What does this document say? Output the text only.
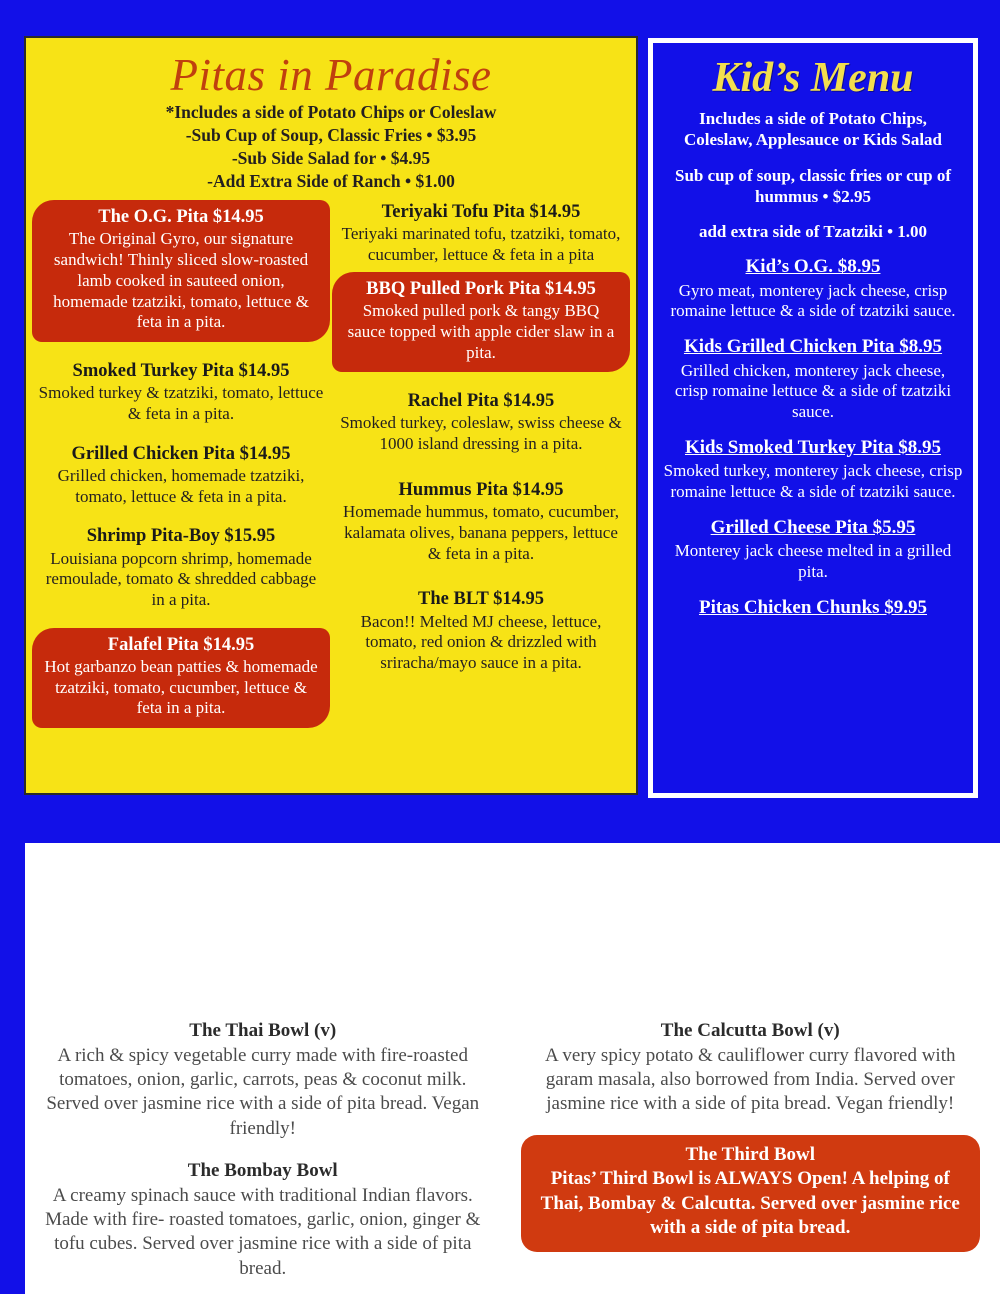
Pitas in Paradise
*Includes a side of Potato Chips or Coleslaw
-Sub Cup of Soup, Classic Fries • $3.95
-Sub Side Salad for • $4.95
-Add Extra Side of Ranch • $1.00
The O.G. Pita $14.95
The Original Gyro, our signature sandwich! Thinly sliced slow-roasted lamb cooked in sauteed onion, homemade tzatziki, tomato, lettuce & feta in a pita.
Smoked Turkey Pita $14.95
Smoked turkey & tzatziki, tomato, lettuce & feta in a pita.
Grilled Chicken Pita $14.95
Grilled chicken, homemade tzatziki, tomato, lettuce & feta in a pita.
Shrimp Pita-Boy $15.95
Louisiana popcorn shrimp, homemade remoulade, tomato & shredded cabbage in a pita.
Falafel Pita $14.95
Hot garbanzo bean patties & homemade tzatziki, tomato, cucumber, lettuce & feta in a pita.
Teriyaki Tofu Pita $14.95
Teriyaki marinated tofu, tzatziki, tomato, cucumber, lettuce & feta in a pita
BBQ Pulled Pork Pita $14.95
Smoked pulled pork & tangy BBQ sauce topped with apple cider slaw in a pita.
Rachel Pita $14.95
Smoked turkey, coleslaw, swiss cheese & 1000 island dressing in a pita.
Hummus Pita $14.95
Homemade hummus, tomato, cucumber, kalamata olives, banana peppers, lettuce & feta in a pita.
The BLT $14.95
Bacon!! Melted MJ cheese, lettuce, tomato, red onion & drizzled with sriracha/mayo sauce in a pita.
Kid’s Menu
Includes a side of Potato Chips, Coleslaw, Applesauce or Kids Salad
Sub cup of soup, classic fries or cup of hummus • $2.95
add extra side of Tzatziki • 1.00
Kid’s O.G. $8.95
Gyro meat, monterey jack cheese, crisp romaine lettuce & a side of tzatziki sauce.
Kids Grilled Chicken Pita $8.95
Grilled chicken, monterey jack cheese, crisp romaine lettuce & a side of tzatziki sauce.
Kids Smoked Turkey Pita $8.95
Smoked turkey, monterey jack cheese, crisp romaine lettuce & a side of tzatziki sauce.
Grilled Cheese Pita $5.95
Monterey jack cheese melted in a grilled pita.
Pitas Chicken Chunks $9.95
The Thai Bowl (v)
A rich & spicy vegetable curry made with fire-roasted tomatoes, onion, garlic, carrots, peas & coconut milk. Served over jasmine rice with a side of pita bread. Vegan friendly!
The Bombay Bowl
A creamy spinach sauce with traditional Indian flavors. Made with fire- roasted tomatoes, garlic, onion, ginger & tofu cubes. Served over jasmine rice with a side of pita bread.
The Calcutta Bowl (v)
A very spicy potato & cauliflower curry flavored with garam masala, also borrowed from India. Served over jasmine rice with a side of pita bread. Vegan friendly!
The Third Bowl
Pitas’ Third Bowl is ALWAYS Open! A helping of Thai, Bombay & Calcutta. Served over jasmine rice with a side of pita bread.
